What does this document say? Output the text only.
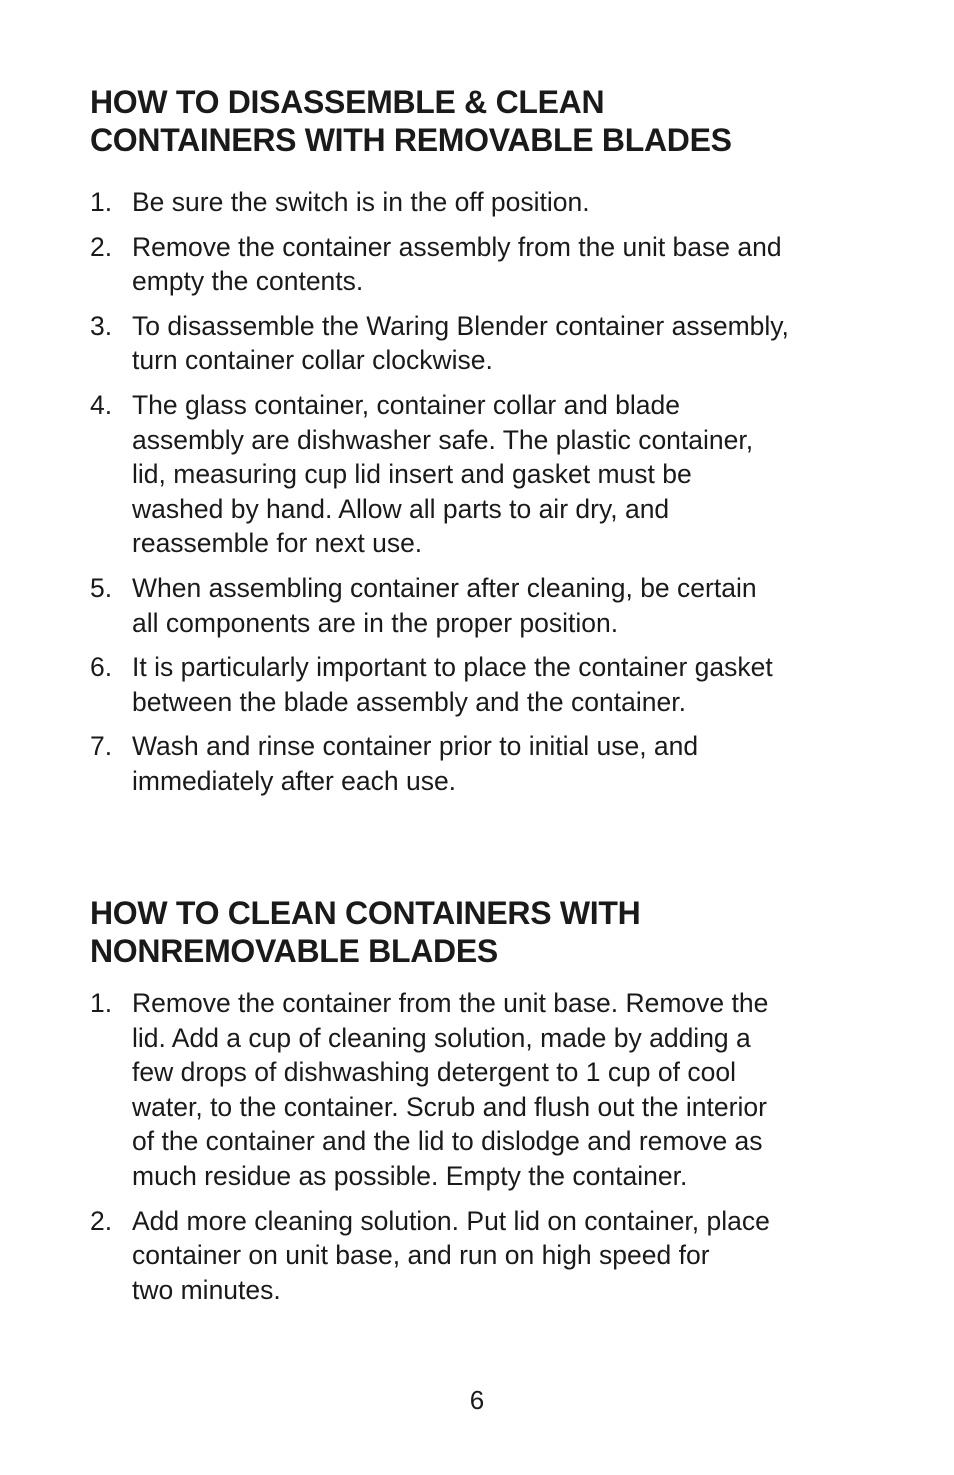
HOW TO DISASSEMBLE & CLEAN
CONTAINERS WITH REMOVABLE BLADES
1. Be sure the switch is in the off position.
2. Remove the container assembly from the unit base and
empty the contents.
3. To disassemble the Waring Blender container assembly,
turn container collar clockwise.
4. The glass container, container collar and blade
assembly are dishwasher safe. The plastic container,
lid, measuring cup lid insert and gasket must be
washed by hand. Allow all parts to air dry, and
reassemble for next use.
5. When assembling container after cleaning, be certain
all components are in the proper position.
6. It is particularly important to place the container gasket
between the blade assembly and the container.
7. Wash and rinse container prior to initial use, and
immediately after each use.
HOW TO CLEAN CONTAINERS WITH
NONREMOVABLE BLADES
1. Remove the container from the unit base. Remove the
lid. Add a cup of cleaning solution, made by adding a
few drops of dishwashing detergent to 1 cup of cool
water, to the container. Scrub and flush out the interior
of the container and the lid to dislodge and remove as
much residue as possible. Empty the container.
2. Add more cleaning solution. Put lid on container, place
container on unit base, and run on high speed for
two minutes.
6
